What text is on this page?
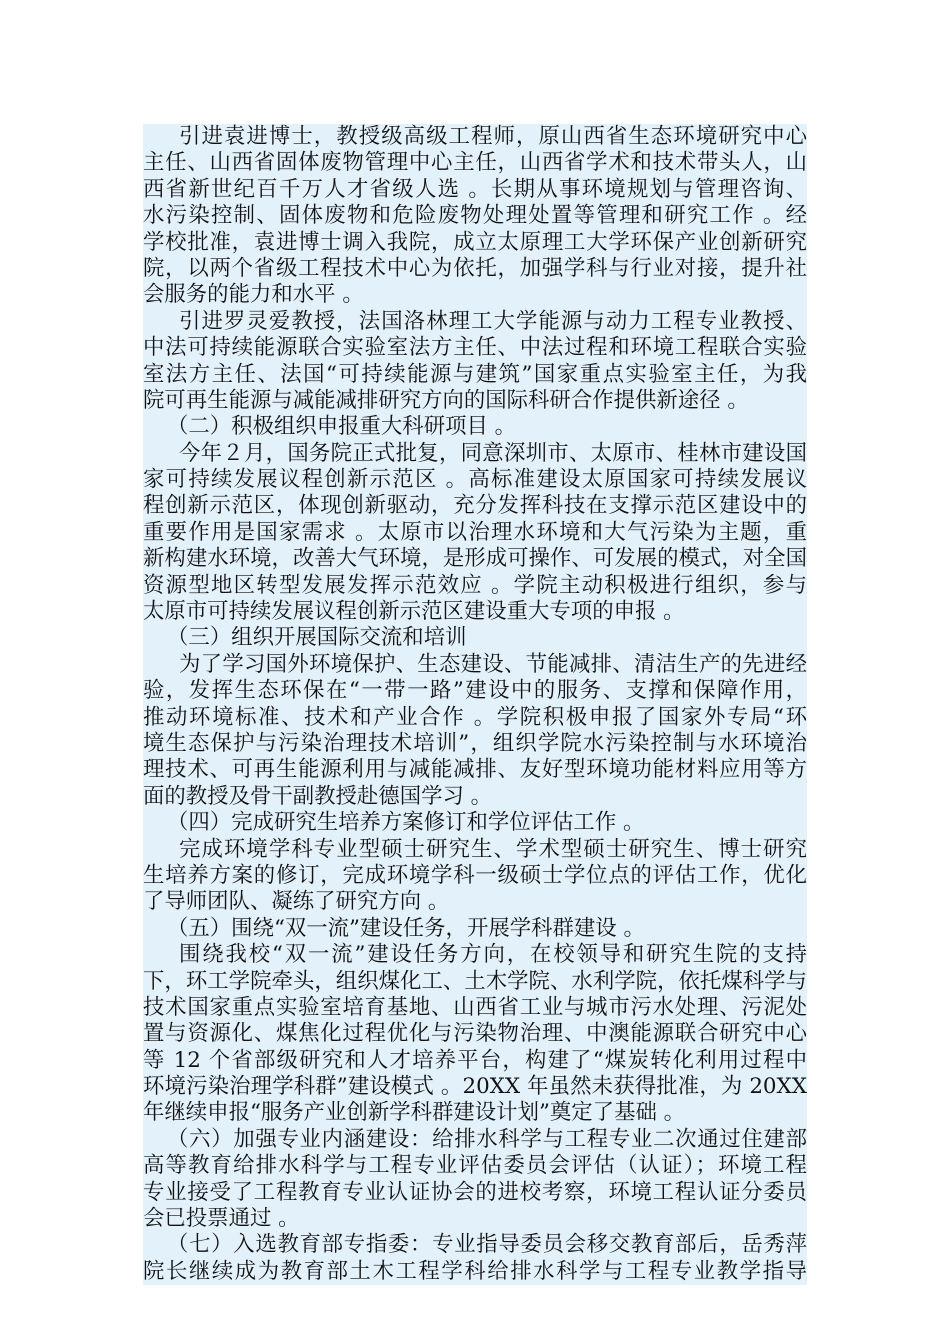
引进袁进博士，教授级高级工程师，原山西省生态环境研究中心
主任、山西省固体废物管理中心主任，山西省学术和技术带头人，山
西省新世纪百千万人才省级人选 。长期从事环境规划与管理咨询、
水污染控制、固体废物和危险废物处理处置等管理和研究工作 。经
学校批准，袁进博士调入我院，成立太原理工大学环保产业创新研究
院，以两个省级工程技术中心为依托，加强学科与行业对接，提升社
会服务的能力和水平 。
引进罗灵爱教授，法国洛林理工大学能源与动力工程专业教授、
中法可持续能源联合实验室法方主任、中法过程和环境工程联合实验
室法方主任、法国“可持续能源与建筑”国家重点实验室主任，为我
院可再生能源与减能减排研究方向的国际科研合作提供新途径 。
（二）积极组织申报重大科研项目 。
今年２月，国务院正式批复，同意深圳市、太原市、桂林市建设国
家可持续发展议程创新示范区 。高标准建设太原国家可持续发展议
程创新示范区，体现创新驱动，充分发挥科技在支撑示范区建设中的
重要作用是国家需求 。太原市以治理水环境和大气污染为主题，重
新构建水环境，改善大气环境，是形成可操作、可发展的模式，对全国
资源型地区转型发展发挥示范效应 。学院主动积极进行组织，参与
太原市可持续发展议程创新示范区建设重大专项的申报 。
（三）组织开展国际交流和培训
为了学习国外环境保护、生态建设、节能减排、清洁生产的先进经
验，发挥生态环保在“一带一路”建设中的服务、支撑和保障作用，
推动环境标准、技术和产业合作 。学院积极申报了国家外专局“环
境生态保护与污染治理技术培训”，组织学院水污染控制与水环境治
理技术、可再生能源利用与减能减排、友好型环境功能材料应用等方
面的教授及骨干副教授赴德国学习 。
（四）完成研究生培养方案修订和学位评估工作 。
完成环境学科专业型硕士研究生、学术型硕士研究生、博士研究
生培养方案的修订，完成环境学科一级硕士学位点的评估工作，优化
了导师团队、凝练了研究方向 。
（五）围绕“双一流”建设任务，开展学科群建设 。
围绕我校“双一流”建设任务方向，在校领导和研究生院的支持
下，环工学院牵头，组织煤化工、土木学院、水利学院，依托煤科学与
技术国家重点实验室培育基地、山西省工业与城市污水处理、污泥处
置与资源化、煤焦化过程优化与污染物治理、中澳能源联合研究中心
等 12 个省部级研究和人才培养平台，构建了“煤炭转化利用过程中
环境污染治理学科群”建设模式 。20XX 年虽然未获得批准，为 20XX
年继续申报“服务产业创新学科群建设计划”奠定了基础 。
（六）加强专业内涵建设：给排水科学与工程专业二次通过住建部
高等教育给排水科学与工程专业评估委员会评估（认证）；环境工程
专业接受了工程教育专业认证协会的进校考察，环境工程认证分委员
会已投票通过 。
（七）入选教育部专指委：专业指导委员会移交教育部后，岳秀萍
院长继续成为教育部土木工程学科给排水科学与工程专业教学指导
